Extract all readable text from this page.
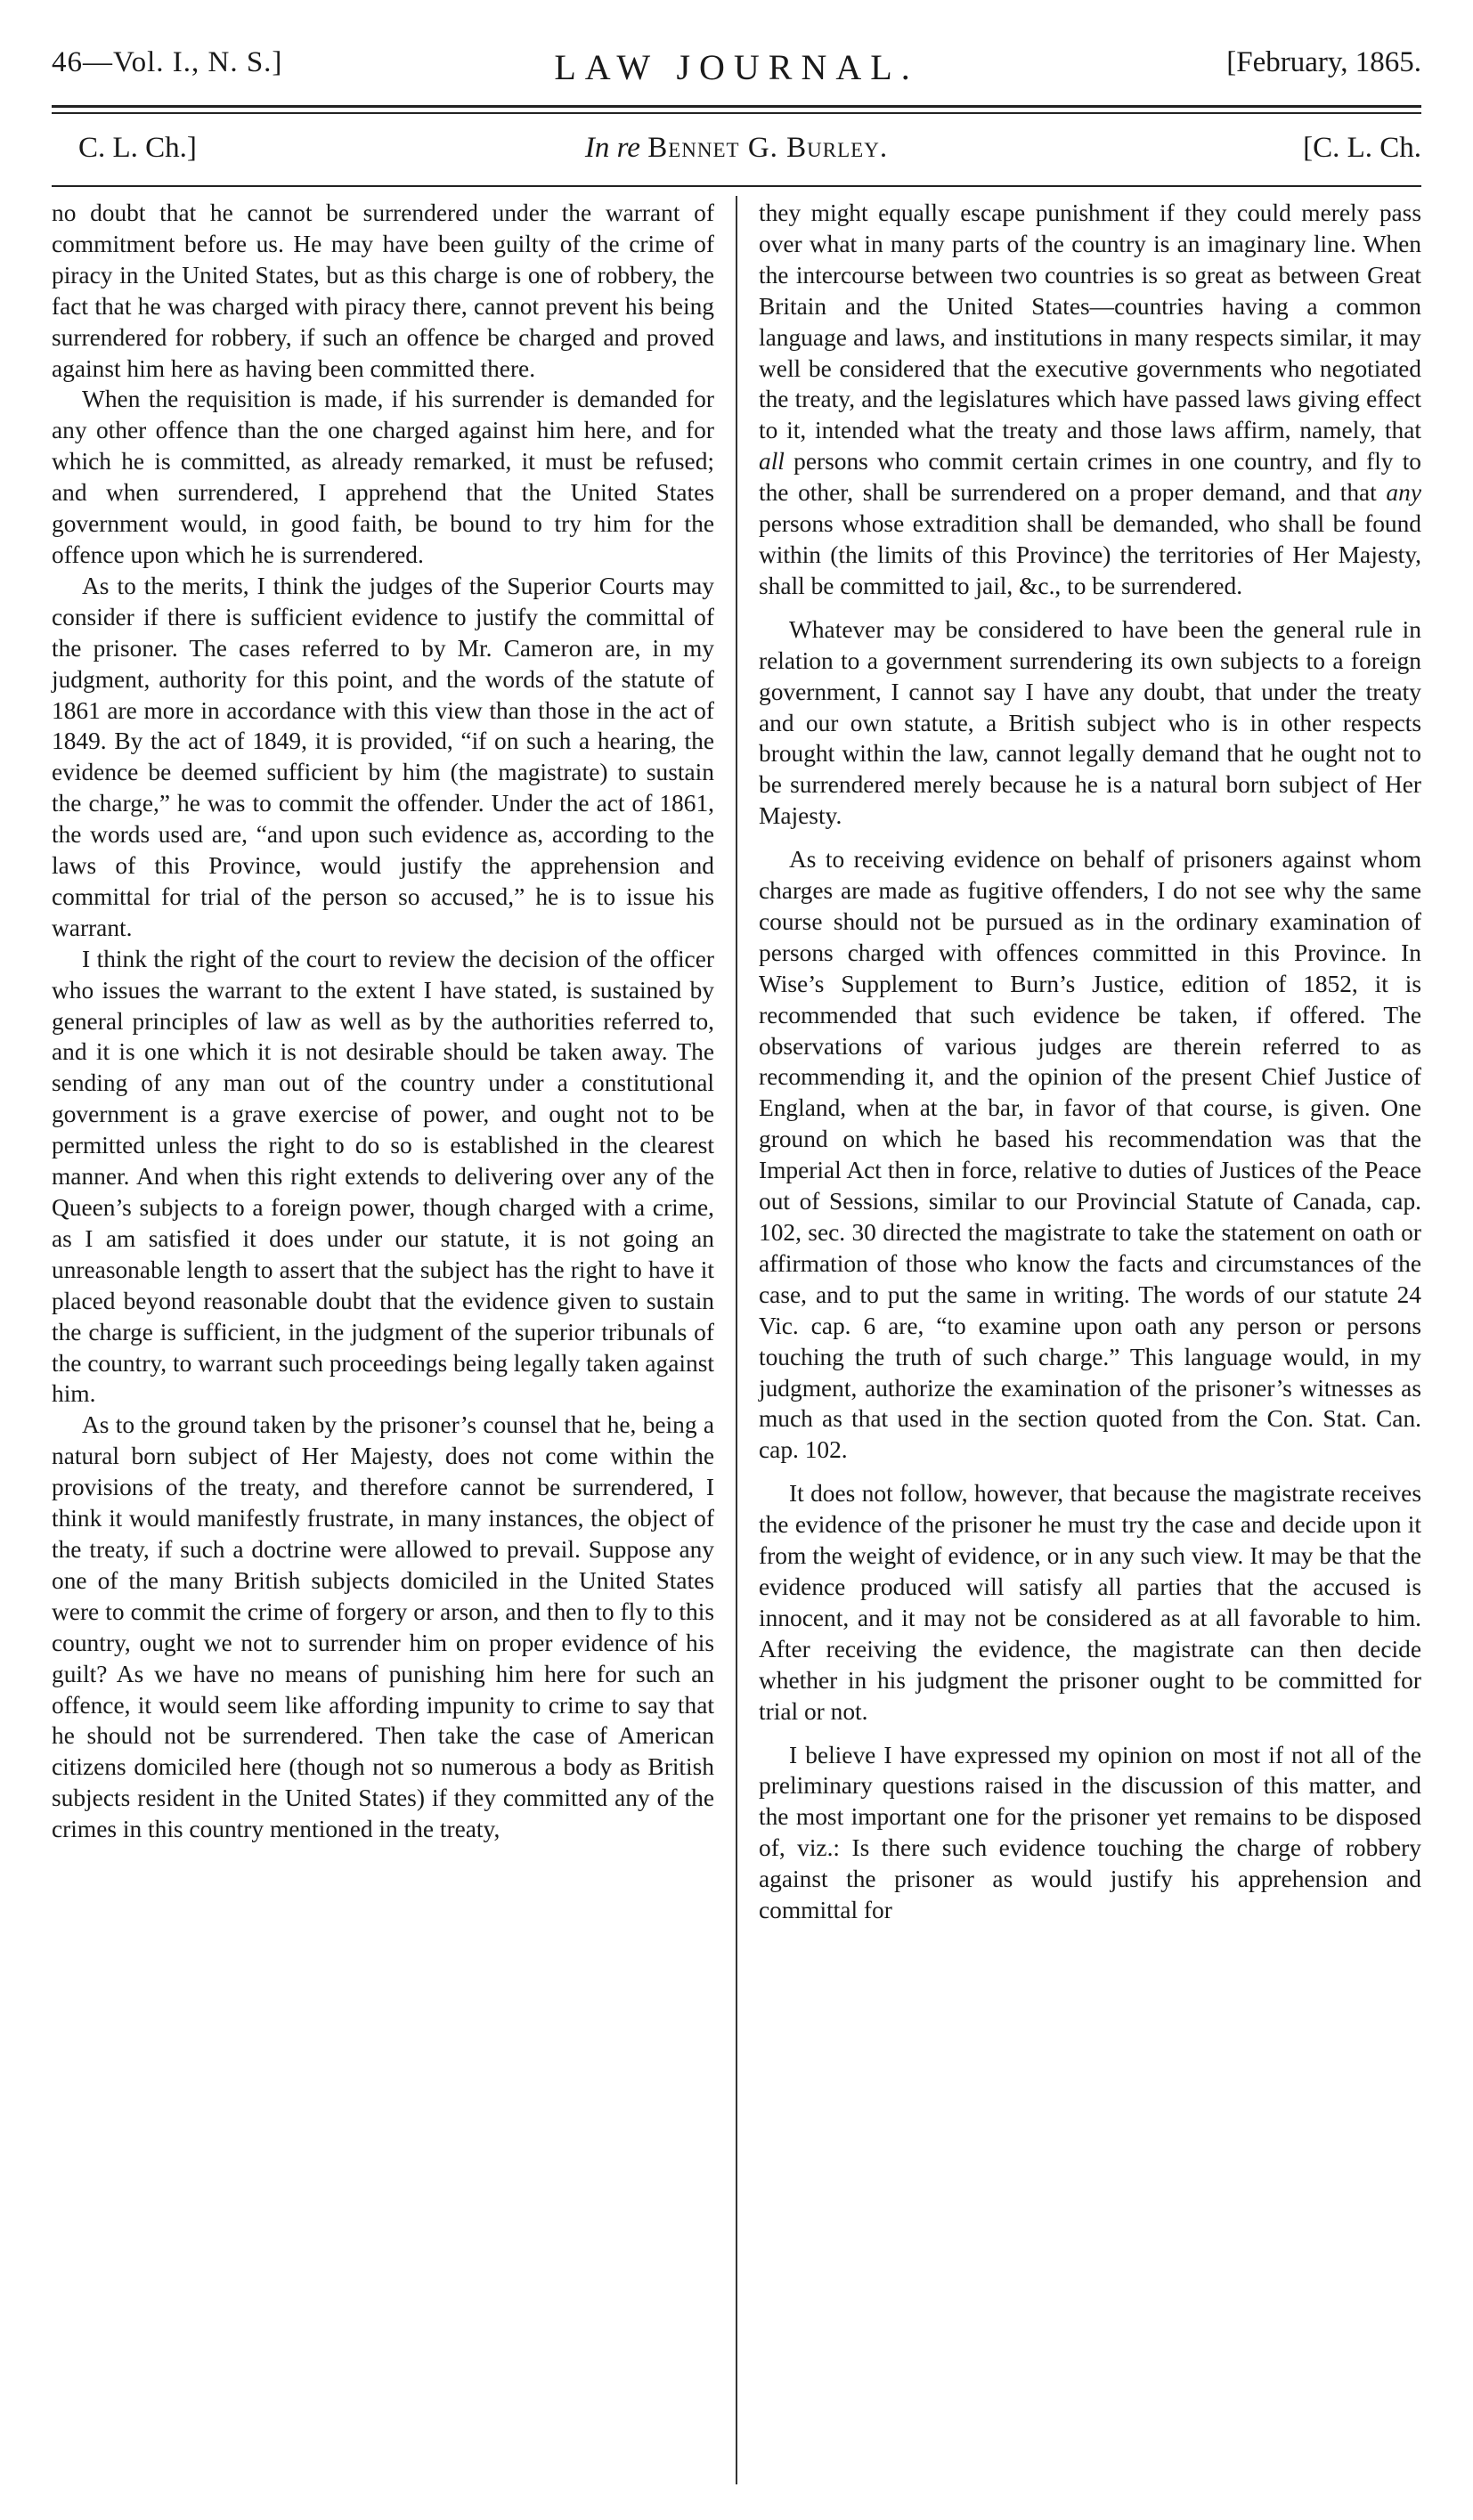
46—Vol. I., N. S.]	LAW JOURNAL.	[February, 1865.
C. L. Ch.]	In re Bennet G. Burley.	[C. L. Ch.

no doubt that he cannot be surrendered under the warrant of commitment before us. He may have been guilty of the crime of piracy in the United States, but as this charge is one of robbery, the fact that he was charged with piracy there, cannot prevent his being surrendered for robbery, if such an offence be charged and proved against him here as having been committed there.

When the requisition is made, if his surrender is demanded for any other offence than the one charged against him here, and for which he is committed, as already remarked, it must be refused; and when surrendered, I apprehend that the United States government would, in good faith, be bound to try him for the offence upon which he is surrendered.

As to the merits, I think the judges of the Superior Courts may consider if there is sufficient evidence to justify the committal of the prisoner. The cases referred to by Mr. Cameron are, in my judgment, authority for this point, and the words of the statute of 1861 are more in accordance with this view than those in the act of 1849. By the act of 1849, it is provided, “if on such a hearing, the evidence be deemed sufficient by him (the magistrate) to sustain the charge,” he was to commit the offender. Under the act of 1861, the words used are, “and upon such evidence as, according to the laws of this Province, would justify the apprehension and committal for trial of the person so accused,” he is to issue his warrant.

I think the right of the court to review the decision of the officer who issues the warrant to the extent I have stated, is sustained by general principles of law as well as by the authorities referred to, and it is one which it is not desirable should be taken away. The sending of any man out of the country under a constitutional government is a grave exercise of power, and ought not to be permitted unless the right to do so is established in the clearest manner. And when this right extends to delivering over any of the Queen’s subjects to a foreign power, though charged with a crime, as I am satisfied it does under our statute, it is not going an unreasonable length to assert that the subject has the right to have it placed beyond reasonable doubt that the evidence given to sustain the charge is sufficient, in the judgment of the superior tribunals of the country, to warrant such proceedings being legally taken against him.

As to the ground taken by the prisoner’s counsel that he, being a natural born subject of Her Majesty, does not come within the provisions of the treaty, and therefore cannot be surrendered, I think it would manifestly frustrate, in many instances, the object of the treaty, if such a doctrine were allowed to prevail. Suppose any one of the many British subjects domiciled in the United States were to commit the crime of forgery or arson, and then to fly to this country, ought we not to surrender him on proper evidence of his guilt? As we have no means of punishing him here for such an offence, it would seem like affording impunity to crime to say that he should not be surrendered. Then take the case of American citizens domiciled here (though not so numerous a body as British subjects resident in the United States) if they committed any of the crimes in this country mentioned in the treaty,

they might equally escape punishment if they could merely pass over what in many parts of the country is an imaginary line. When the intercourse between two countries is so great as between Great Britain and the United States—countries having a common language and laws, and institutions in many respects similar, it may well be considered that the executive governments who negotiated the treaty, and the legislatures which have passed laws giving effect to it, intended what the treaty and those laws affirm, namely, that all persons who commit certain crimes in one country, and fly to the other, shall be surrendered on a proper demand, and that any persons whose extradition shall be demanded, who shall be found within (the limits of this Province) the territories of Her Majesty, shall be committed to jail, &c., to be surrendered.

Whatever may be considered to have been the general rule in relation to a government surrendering its own subjects to a foreign government, I cannot say I have any doubt, that under the treaty and our own statute, a British subject who is in other respects brought within the law, cannot legally demand that he ought not to be surrendered merely because he is a natural born subject of Her Majesty.

As to receiving evidence on behalf of prisoners against whom charges are made as fugitive offenders, I do not see why the same course should not be pursued as in the ordinary examination of persons charged with offences committed in this Province. In Wise’s Supplement to Burn’s Justice, edition of 1852, it is recommended that such evidence be taken, if offered. The observations of various judges are therein referred to as recommending it, and the opinion of the present Chief Justice of England, when at the bar, in favor of that course, is given. One ground on which he based his recommendation was that the Imperial Act then in force, relative to duties of Justices of the Peace out of Sessions, similar to our Provincial Statute of Canada, cap. 102, sec. 30 directed the magistrate to take the statement on oath or affirmation of those who know the facts and circumstances of the case, and to put the same in writing. The words of our statute 24 Vic. cap. 6 are, “to examine upon oath any person or persons touching the truth of such charge.” This language would, in my judgment, authorize the examination of the prisoner’s witnesses as much as that used in the section quoted from the Con. Stat. Can. cap. 102.

It does not follow, however, that because the magistrate receives the evidence of the prisoner he must try the case and decide upon it from the weight of evidence, or in any such view. It may be that the evidence produced will satisfy all parties that the accused is innocent, and it may not be considered as at all favorable to him. After receiving the evidence, the magistrate can then decide whether in his judgment the prisoner ought to be committed for trial or not.

I believe I have expressed my opinion on most if not all of the preliminary questions raised in the discussion of this matter, and the most important one for the prisoner yet remains to be disposed of, viz.: Is there such evidence touching the charge of robbery against the prisoner as would justify his apprehension and committal for
